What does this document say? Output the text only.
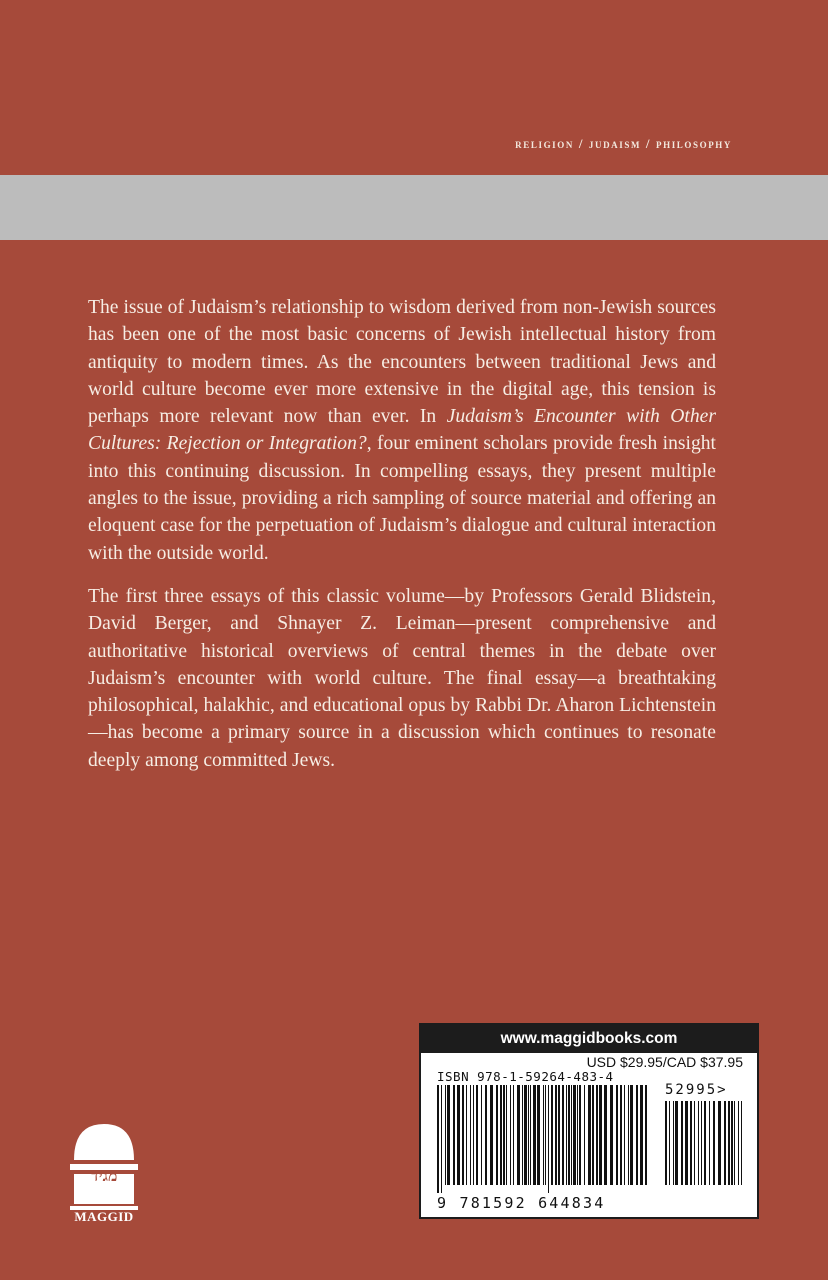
religion / judaism / philosophy

The issue of Judaism’s relationship to wisdom derived from non-Jewish sources has been one of the most basic concerns of Jewish intellectual history from antiquity to modern times. As the encounters between traditional Jews and world culture become ever more extensive in the digital age, this tension is perhaps more relevant now than ever. In Judaism’s Encounter with Other Cultures: Rejection or Integration?, four eminent scholars provide fresh insight into this continuing discussion. In compelling essays, they present multiple angles to the issue, providing a rich sampling of source material and offering an eloquent case for the perpetuation of Judaism’s dialogue and cultural interaction with the outside world.

The first three essays of this classic volume—by Professors Gerald Blidstein, David Berger, and Shnayer Z. Leiman—present comprehensive and authoritative historical overviews of central themes in the debate over Judaism’s encounter with world culture. The final essay—a breathtaking philosophical, halakhic, and educational opus by Rabbi Dr. Aharon Lichtenstein—has become a primary source in a discussion which continues to resonate deeply among committed Jews.

www.maggidbooks.com
USD $29.95/CAD $37.95
ISBN 978-1-59264-483-4
52995>
9 781592 644834
מגיד
MAGGID
